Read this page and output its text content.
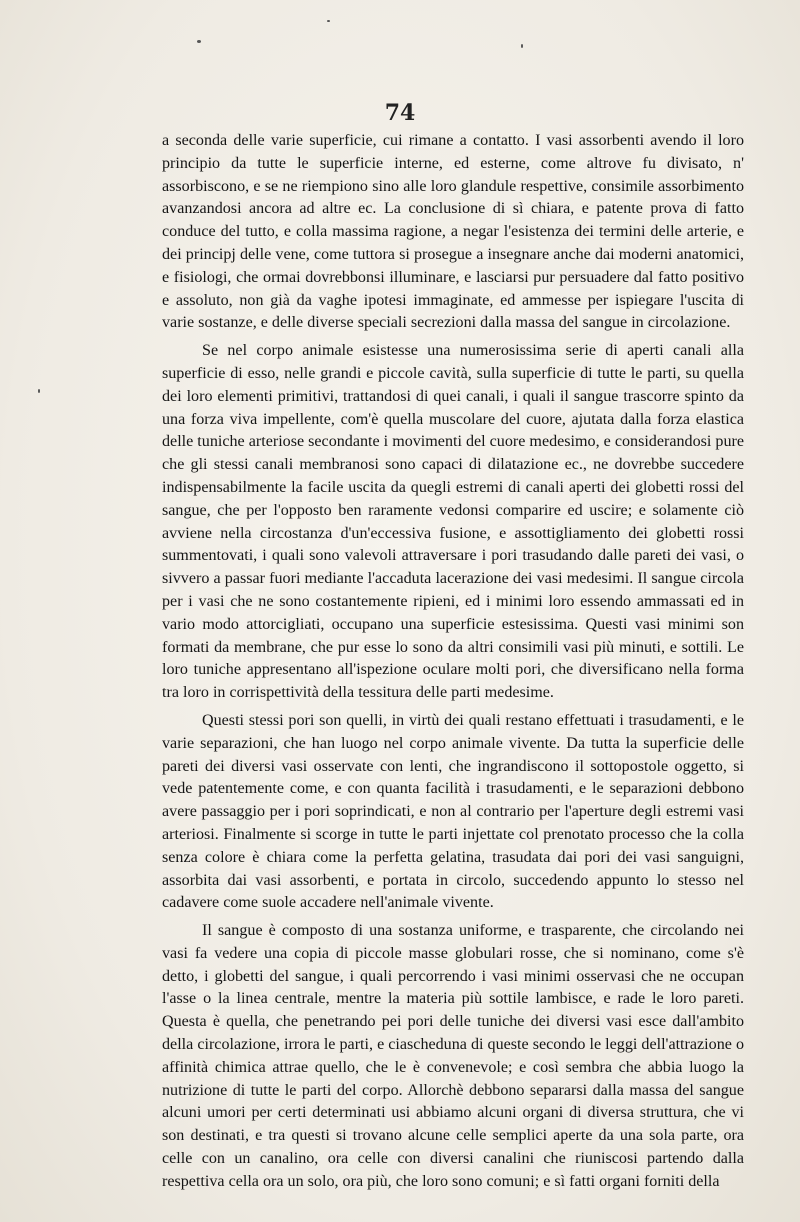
74

a seconda delle varie superficie, cui rimane a contatto. I vasi assorbenti avendo il loro principio da tutte le superficie interne, ed esterne, come altrove fu divisato, n' assorbiscono, e se ne riempiono sino alle loro glandule respettive, consimile assorbimento avanzandosi ancora ad altre ec. La conclusione di sì chiara, e patente prova di fatto conduce del tutto, e colla massima ragione, a negar l'esistenza dei termini delle arterie, e dei principj delle vene, come tuttora si prosegue a insegnare anche dai moderni anatomici, e fisiologi, che ormai dovrebbonsi illuminare, e lasciarsi pur persuadere dal fatto positivo e assoluto, non già da vaghe ipotesi immaginate, ed ammesse per ispiegare l'uscita di varie sostanze, e delle diverse speciali secrezioni dalla massa del sangue in circolazione.

Se nel corpo animale esistesse una numerosissima serie di aperti canali alla superficie di esso, nelle grandi e piccole cavità, sulla superficie di tutte le parti, su quella dei loro elementi primitivi, trattandosi di quei canali, i quali il sangue trascorre spinto da una forza viva impellente, com'è quella muscolare del cuore, ajutata dalla forza elastica delle tuniche arteriose secondante i movimenti del cuore medesimo, e considerandosi pure che gli stessi canali membranosi sono capaci di dilatazione ec., ne dovrebbe succedere indispensabilmente la facile uscita da quegli estremi di canali aperti dei globetti rossi del sangue, che per l'opposto ben raramente vedonsi comparire ed uscire; e solamente ciò avviene nella circostanza d'un'eccessiva fusione, e assottigliamento dei globetti rossi summentovati, i quali sono valevoli attraversare i pori trasudando dalle pareti dei vasi, o sivvero a passar fuori mediante l'accaduta lacerazione dei vasi medesimi. Il sangue circola per i vasi che ne sono costantemente ripieni, ed i minimi loro essendo ammassati ed in vario modo attorcigliati, occupano una superficie estesissima. Questi vasi minimi son formati da membrane, che pur esse lo sono da altri consimili vasi più minuti, e sottili. Le loro tuniche appresentano all'ispezione oculare molti pori, che diversificano nella forma tra loro in corrispettività della tessitura delle parti medesime.

Questi stessi pori son quelli, in virtù dei quali restano effettuati i trasudamenti, e le varie separazioni, che han luogo nel corpo animale vivente. Da tutta la superficie delle pareti dei diversi vasi osservate con lenti, che ingrandiscono il sottopostole oggetto, si vede patentemente come, e con quanta facilità i trasudamenti, e le separazioni debbono avere passaggio per i pori soprindicati, e non al contrario per l'aperture degli estremi vasi arteriosi. Finalmente si scorge in tutte le parti injettate col prenotato processo che la colla senza colore è chiara come la perfetta gelatina, trasudata dai pori dei vasi sanguigni, assorbita dai vasi assorbenti, e portata in circolo, succedendo appunto lo stesso nel cadavere come suole accadere nell'animale vivente.

Il sangue è composto di una sostanza uniforme, e trasparente, che circolando nei vasi fa vedere una copia di piccole masse globulari rosse, che si nominano, come s'è detto, i globetti del sangue, i quali percorrendo i vasi minimi osservasi che ne occupan l'asse o la linea centrale, mentre la materia più sottile lambisce, e rade le loro pareti. Questa è quella, che penetrando pei pori delle tuniche dei diversi vasi esce dall'ambito della circolazione, irrora le parti, e ciascheduna di queste secondo le leggi dell'attrazione o affinità chimica attrae quello, che le è convenevole; e così sembra che abbia luogo la nutrizione di tutte le parti del corpo. Allorchè debbono separarsi dalla massa del sangue alcuni umori per certi determinati usi abbiamo alcuni organi di diversa struttura, che vi son destinati, e tra questi si trovano alcune celle semplici aperte da una sola parte, ora celle con un canalino, ora celle con diversi canalini che riuniscosi partendo dalla respettiva cella ora un solo, ora più, che loro sono comuni; e sì fatti organi forniti della
